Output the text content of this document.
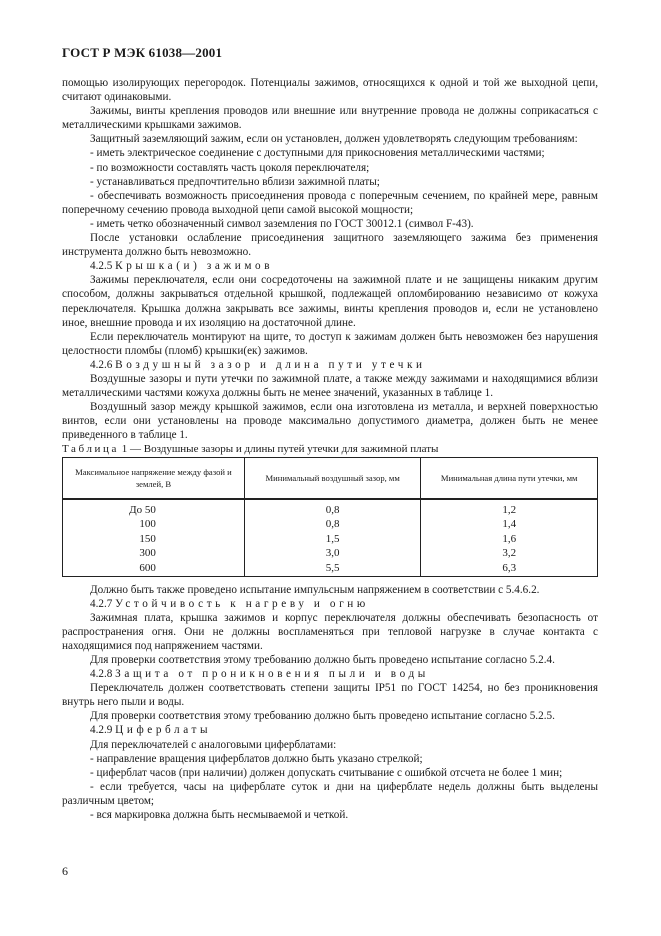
ГОСТ Р МЭК 61038—2001

помощью изолирующих перегородок. Потенциалы зажимов, относящихся к одной и той же выходной цепи, считают одинаковыми.

Зажимы, винты крепления проводов или внешние или внутренние провода не должны соприкасаться с металлическими крышками зажимов.

Защитный заземляющий зажим, если он установлен, должен удовлетворять следующим требованиям:

- иметь электрическое соединение с доступными для прикосновения металлическими частями;

- по возможности составлять часть цоколя переключателя;

- устанавливаться предпочтительно вблизи зажимной платы;

- обеспечивать возможность присоединения провода с поперечным сечением, по крайней мере, равным поперечному сечению провода выходной цепи самой высокой мощности;

- иметь четко обозначенный символ заземления по ГОСТ 30012.1 (символ F-43).

После установки ослабление присоединения защитного заземляющего зажима без применения инструмента должно быть невозможно.

4.2.5 Крышка(и) зажимов

Зажимы переключателя, если они сосредоточены на зажимной плате и не защищены никаким другим способом, должны закрываться отдельной крышкой, подлежащей опломбированию независимо от кожуха переключателя. Крышка должна закрывать все зажимы, винты крепления проводов и, если не установлено иное, внешние провода и их изоляцию на достаточной длине.

Если переключатель монтируют на щите, то доступ к зажимам должен быть невозможен без нарушения целостности пломбы (пломб) крышки(ек) зажимов.

4.2.6 Воздушный зазор и длина пути утечки

Воздушные зазоры и пути утечки по зажимной плате, а также между зажимами и находящимися вблизи металлическими частями кожуха должны быть не менее значений, указанных в таблице 1.

Воздушный зазор между крышкой зажимов, если она изготовлена из металла, и верхней поверхностью винтов, если они установлены на проводе максимально допустимого диаметра, должен быть не менее приведенного в таблице 1.

Таблица 1 — Воздушные зазоры и длины путей утечки для зажимной платы

Максимальное напряжение между фазой и землей, В	Минимальный воздушный зазор, мм	Минимальная длина пути утечки, мм
До 50	0,8	1,2
100	0,8	1,4
150	1,5	1,6
300	3,0	3,2
600	5,5	6,3

Должно быть также проведено испытание импульсным напряжением в соответствии с 5.4.6.2.

4.2.7 Устойчивость к нагреву и огню

Зажимная плата, крышка зажимов и корпус переключателя должны обеспечивать безопасность от распространения огня. Они не должны воспламеняться при тепловой нагрузке в случае контакта с находящимися под напряжением частями.

Для проверки соответствия этому требованию должно быть проведено испытание согласно 5.2.4.

4.2.8 Защита от проникновения пыли и воды

Переключатель должен соответствовать степени защиты IP51 по ГОСТ 14254, но без проникновения внутрь него пыли и воды.

Для проверки соответствия этому требованию должно быть проведено испытание согласно 5.2.5.

4.2.9 Циферблаты

Для переключателей с аналоговыми циферблатами:

- направление вращения циферблатов должно быть указано стрелкой;

- циферблат часов (при наличии) должен допускать считывание с ошибкой отсчета не более 1 мин;

- если требуется, часы на циферблате суток и дни на циферблате недель должны быть выделены различным цветом;

- вся маркировка должна быть несмываемой и четкой.

6
